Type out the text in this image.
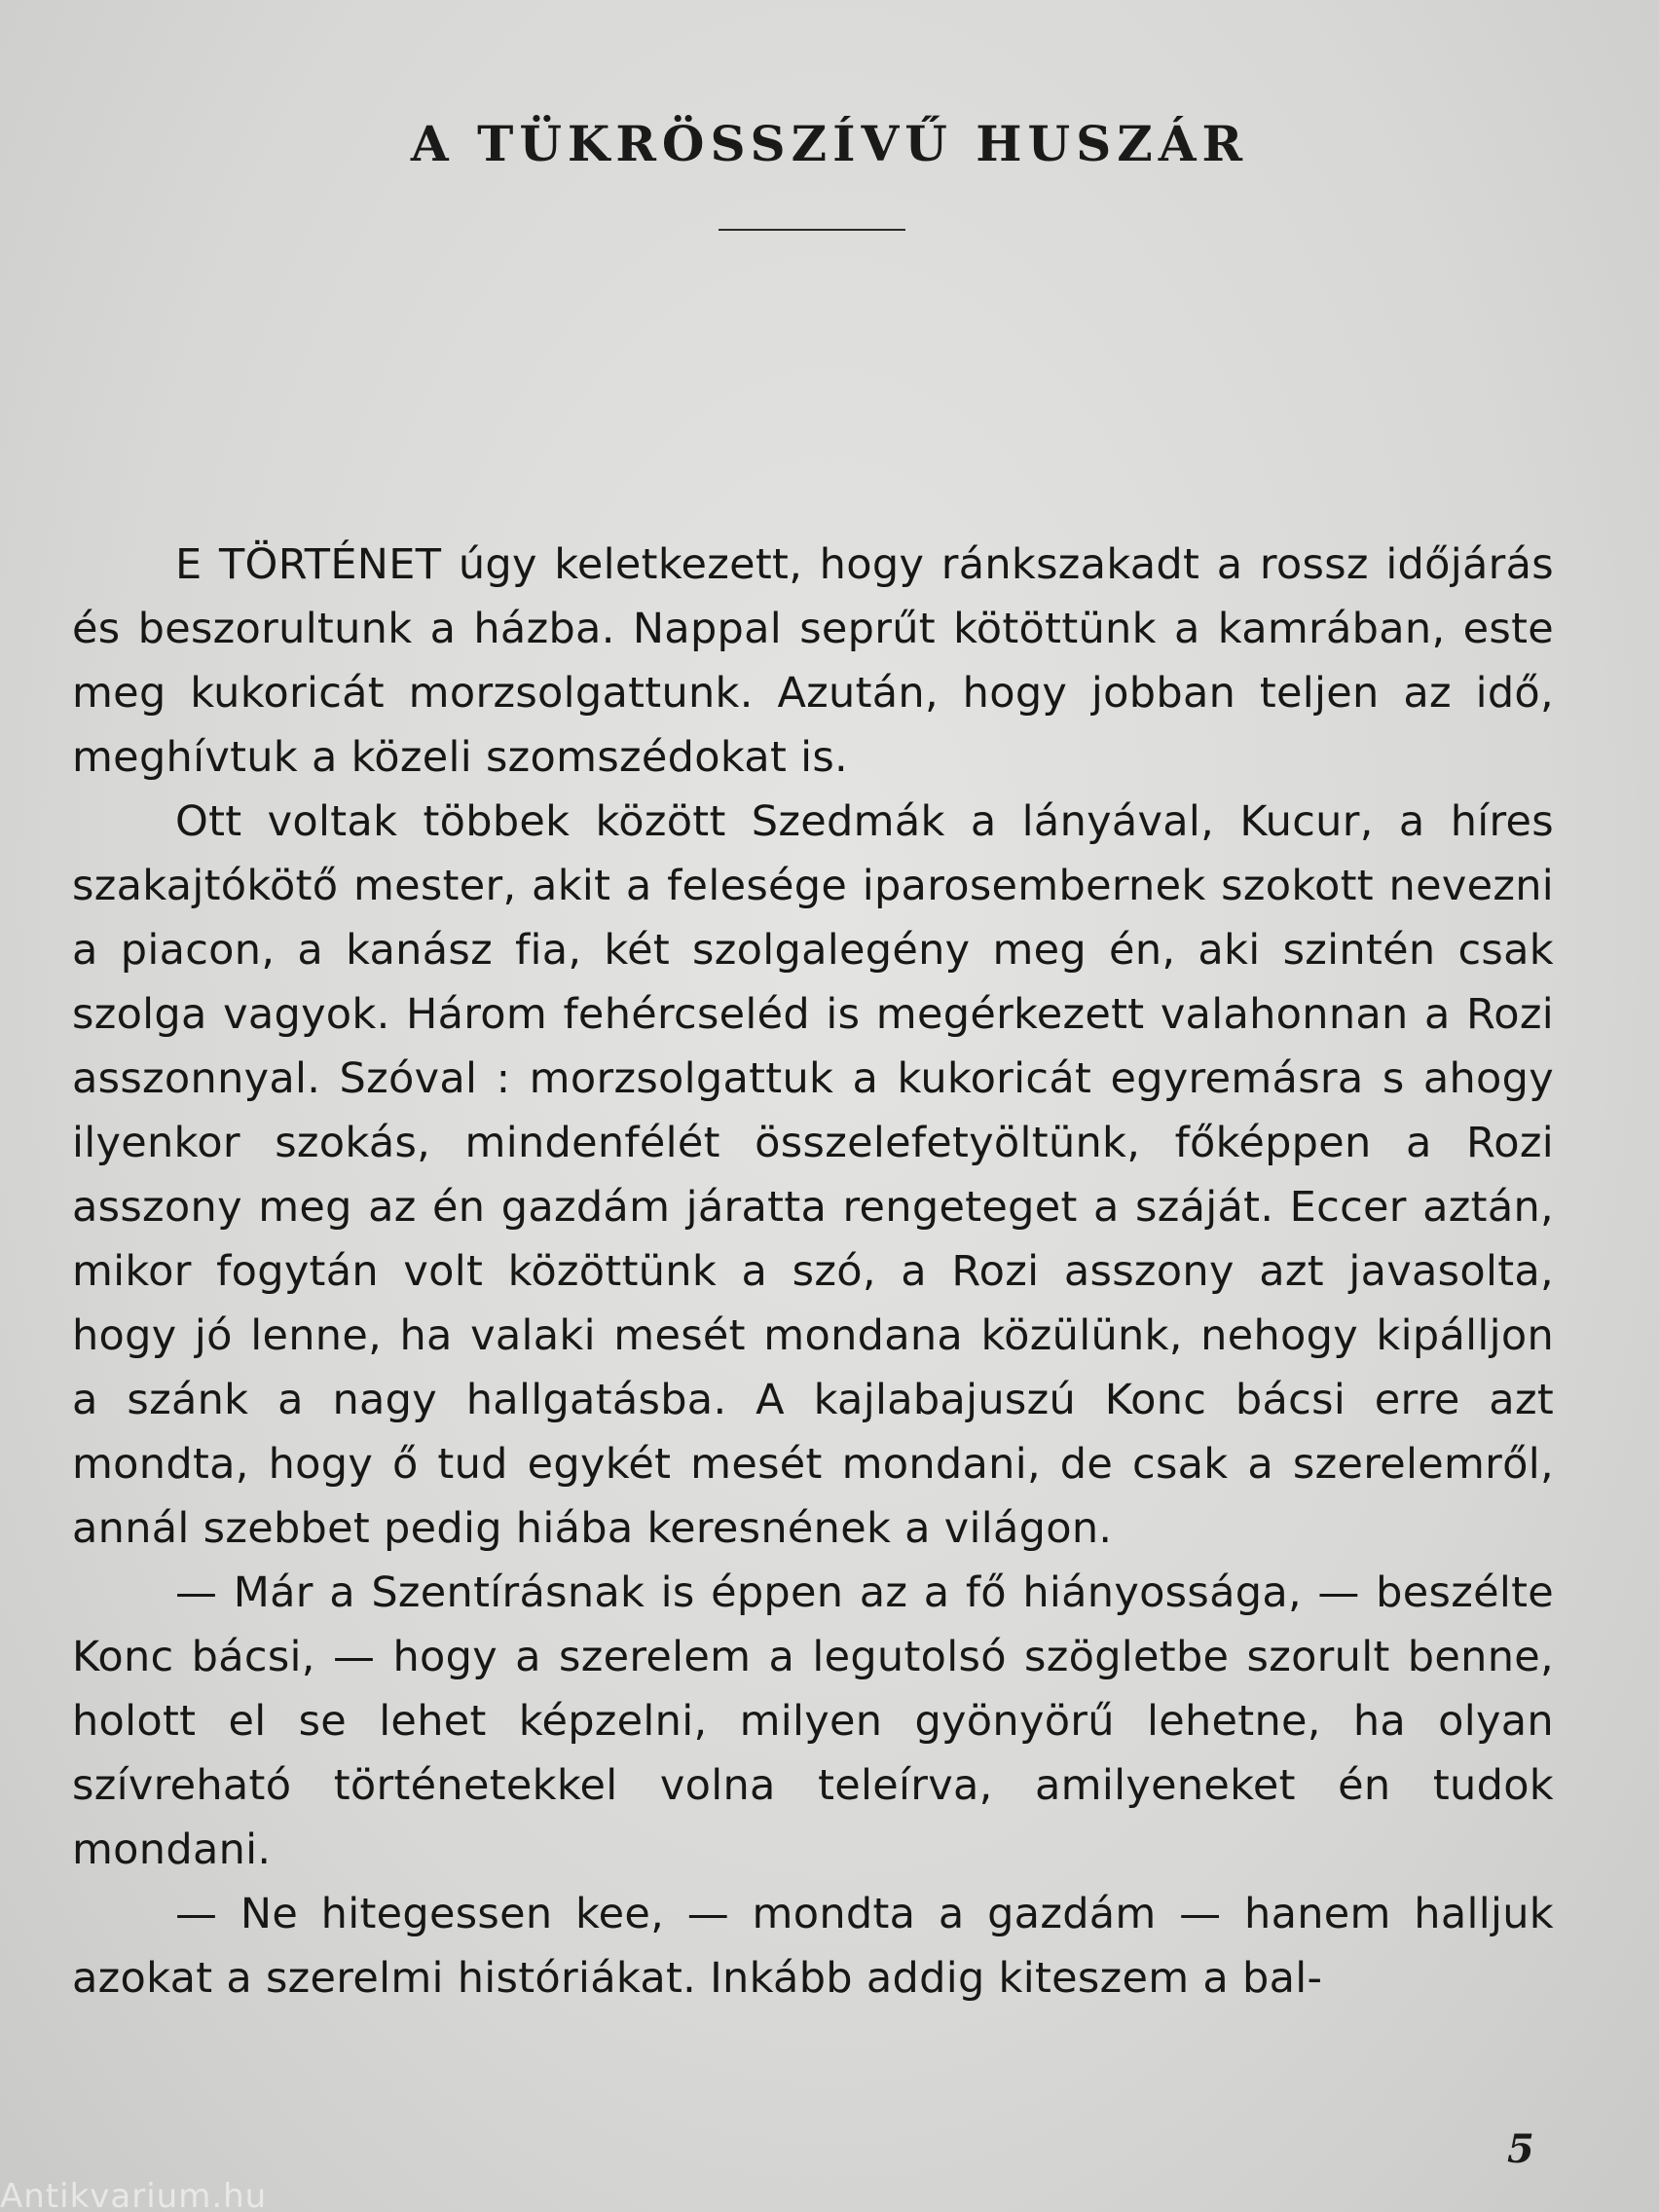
A TÜKRÖSSZÍVŰ HUSZÁR

E TÖRTÉNET úgy keletkezett, hogy ránkszakadt a rossz időjárás és beszorultunk a házba. Nappal seprűt kötöttünk a kamrában, este meg kukoricát morzsolgattunk. Azután, hogy jobban teljen az idő, meghívtuk a közeli szomszédokat is.

Ott voltak többek között Szedmák a lányával, Kucur, a híres szakajtókötő mester, akit a felesége iparosembernek szokott nevezni a piacon, a kanász fia, két szolgalegény meg én, aki szintén csak szolga vagyok. Három fehércseléd is megérkezett valahonnan a Rozi asszonnyal. Szóval : morzsolgattuk a kukoricát egyremásra s ahogy ilyenkor szokás, mindenfélét összelefetyöltünk, főképpen a Rozi asszony meg az én gazdám járatta rengeteget a száját. Eccer aztán, mikor fogytán volt közöttünk a szó, a Rozi asszony azt javasolta, hogy jó lenne, ha valaki mesét mondana közülünk, nehogy kipálljon a szánk a nagy hallgatásba. A kajlabajuszú Konc bácsi erre azt mondta, hogy ő tud egykét mesét mondani, de csak a szerelemről, annál szebbet pedig hiába keresnének a világon.

— Már a Szentírásnak is éppen az a fő hiányossága, — beszélte Konc bácsi, — hogy a szerelem a legutolsó szögletbe szorult benne, holott el se lehet képzelni, milyen gyönyörű lehetne, ha olyan szívreható történetekkel volna teleírva, amilyeneket én tudok mondani.

— Ne hitegessen kee, — mondta a gazdám — hanem halljuk azokat a szerelmi históriákat. Inkább addig kiteszem a bal-

5
Antikvarium.hu
